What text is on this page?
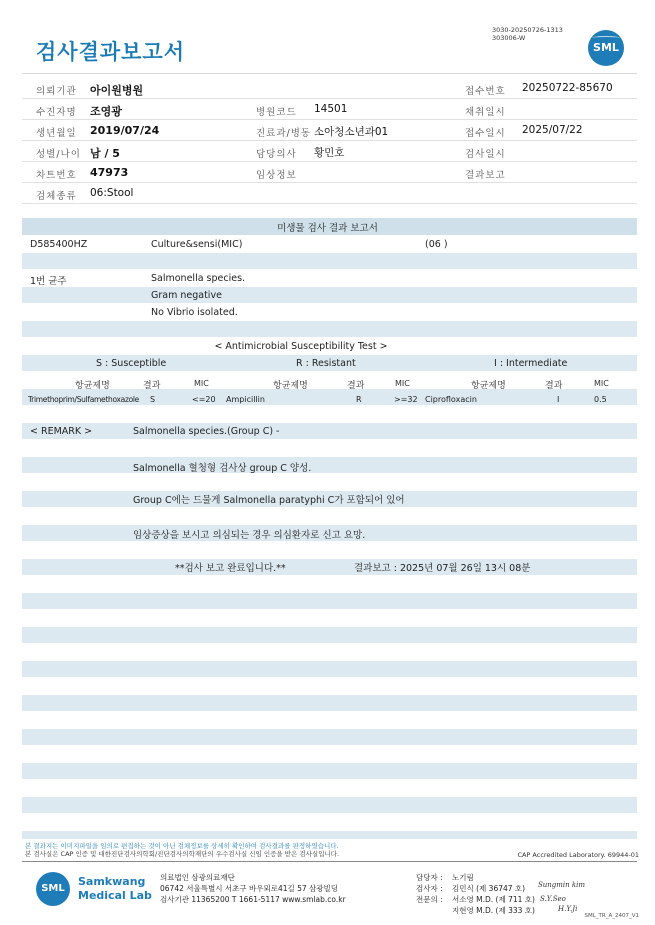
3030-20250726-1313
303006-W
검사결과보고서	SML
의뢰기관 아이원병원	접수번호 20250722-85670
수진자명 조영광	병원코드 14501	채취일시
생년월일 2019/07/24	진료과/병동 소아청소년과01	접수일시 2025/07/22
성별/나이 남 / 5	담당의사 황민호	검사일시
차트번호 47973	임상정보	결과보고
검체종류 06:Stool
미생물 검사 결과 보고서
D585400HZ	Culture&sensi(MIC)	(06 )
1번 균주	Salmonella species.
Gram negative
No Vibrio isolated.
< Antimicrobial Susceptibility Test >
S : Susceptible	R : Resistant	I : Intermediate
항균제명	결과	MIC	항균제명	결과	MIC	항균제명	결과	MIC
Trimethoprim/Sulfamethoxazole S	<=20 Ampicillin	R	>=32 Ciprofloxacin	I	0.5
< REMARK >	Salmonella species.(Group C) -
Salmonella 혈청형 검사상 group C 양성.
Group C에는 드물게 Salmonella paratyphi C가 포함되어 있어
임상증상을 보시고 의심되는 경우 의심환자로 신고 요망.
**검사 보고 완료입니다.**	결과보고 : 2025년 07월 26일 13시 08분
본 결과지는 이미지파일을 임의로 편집하는 것이 아닌 검체정보를 상세히 확인하여 검사결과를 판정하였습니다.
본 검사실은 CAP 인증 및 대한진단검사의학회/진단검사의학재단의 우수검사실 신임 인증을 받은 검사실입니다.	CAP Accredited Laboratory. 69944-01
SML
Samkwang
Medical Lab
의료법인 삼광의료재단
06742 서울특별시 서초구 바우뫼로41길 57 삼광빌딩
검사기관 11365200 T 1661-5117 www.smlab.co.kr
담당자 : 노기림
검사자 : 김민식 (제 36747 호)
전문의 : 서소영 M.D. (제 711 호)
지현영 M.D. (제 333 호)
Sungmin kim
S.Y.Seo
H.Y.Ji
SML_TR_A_2407_V1
